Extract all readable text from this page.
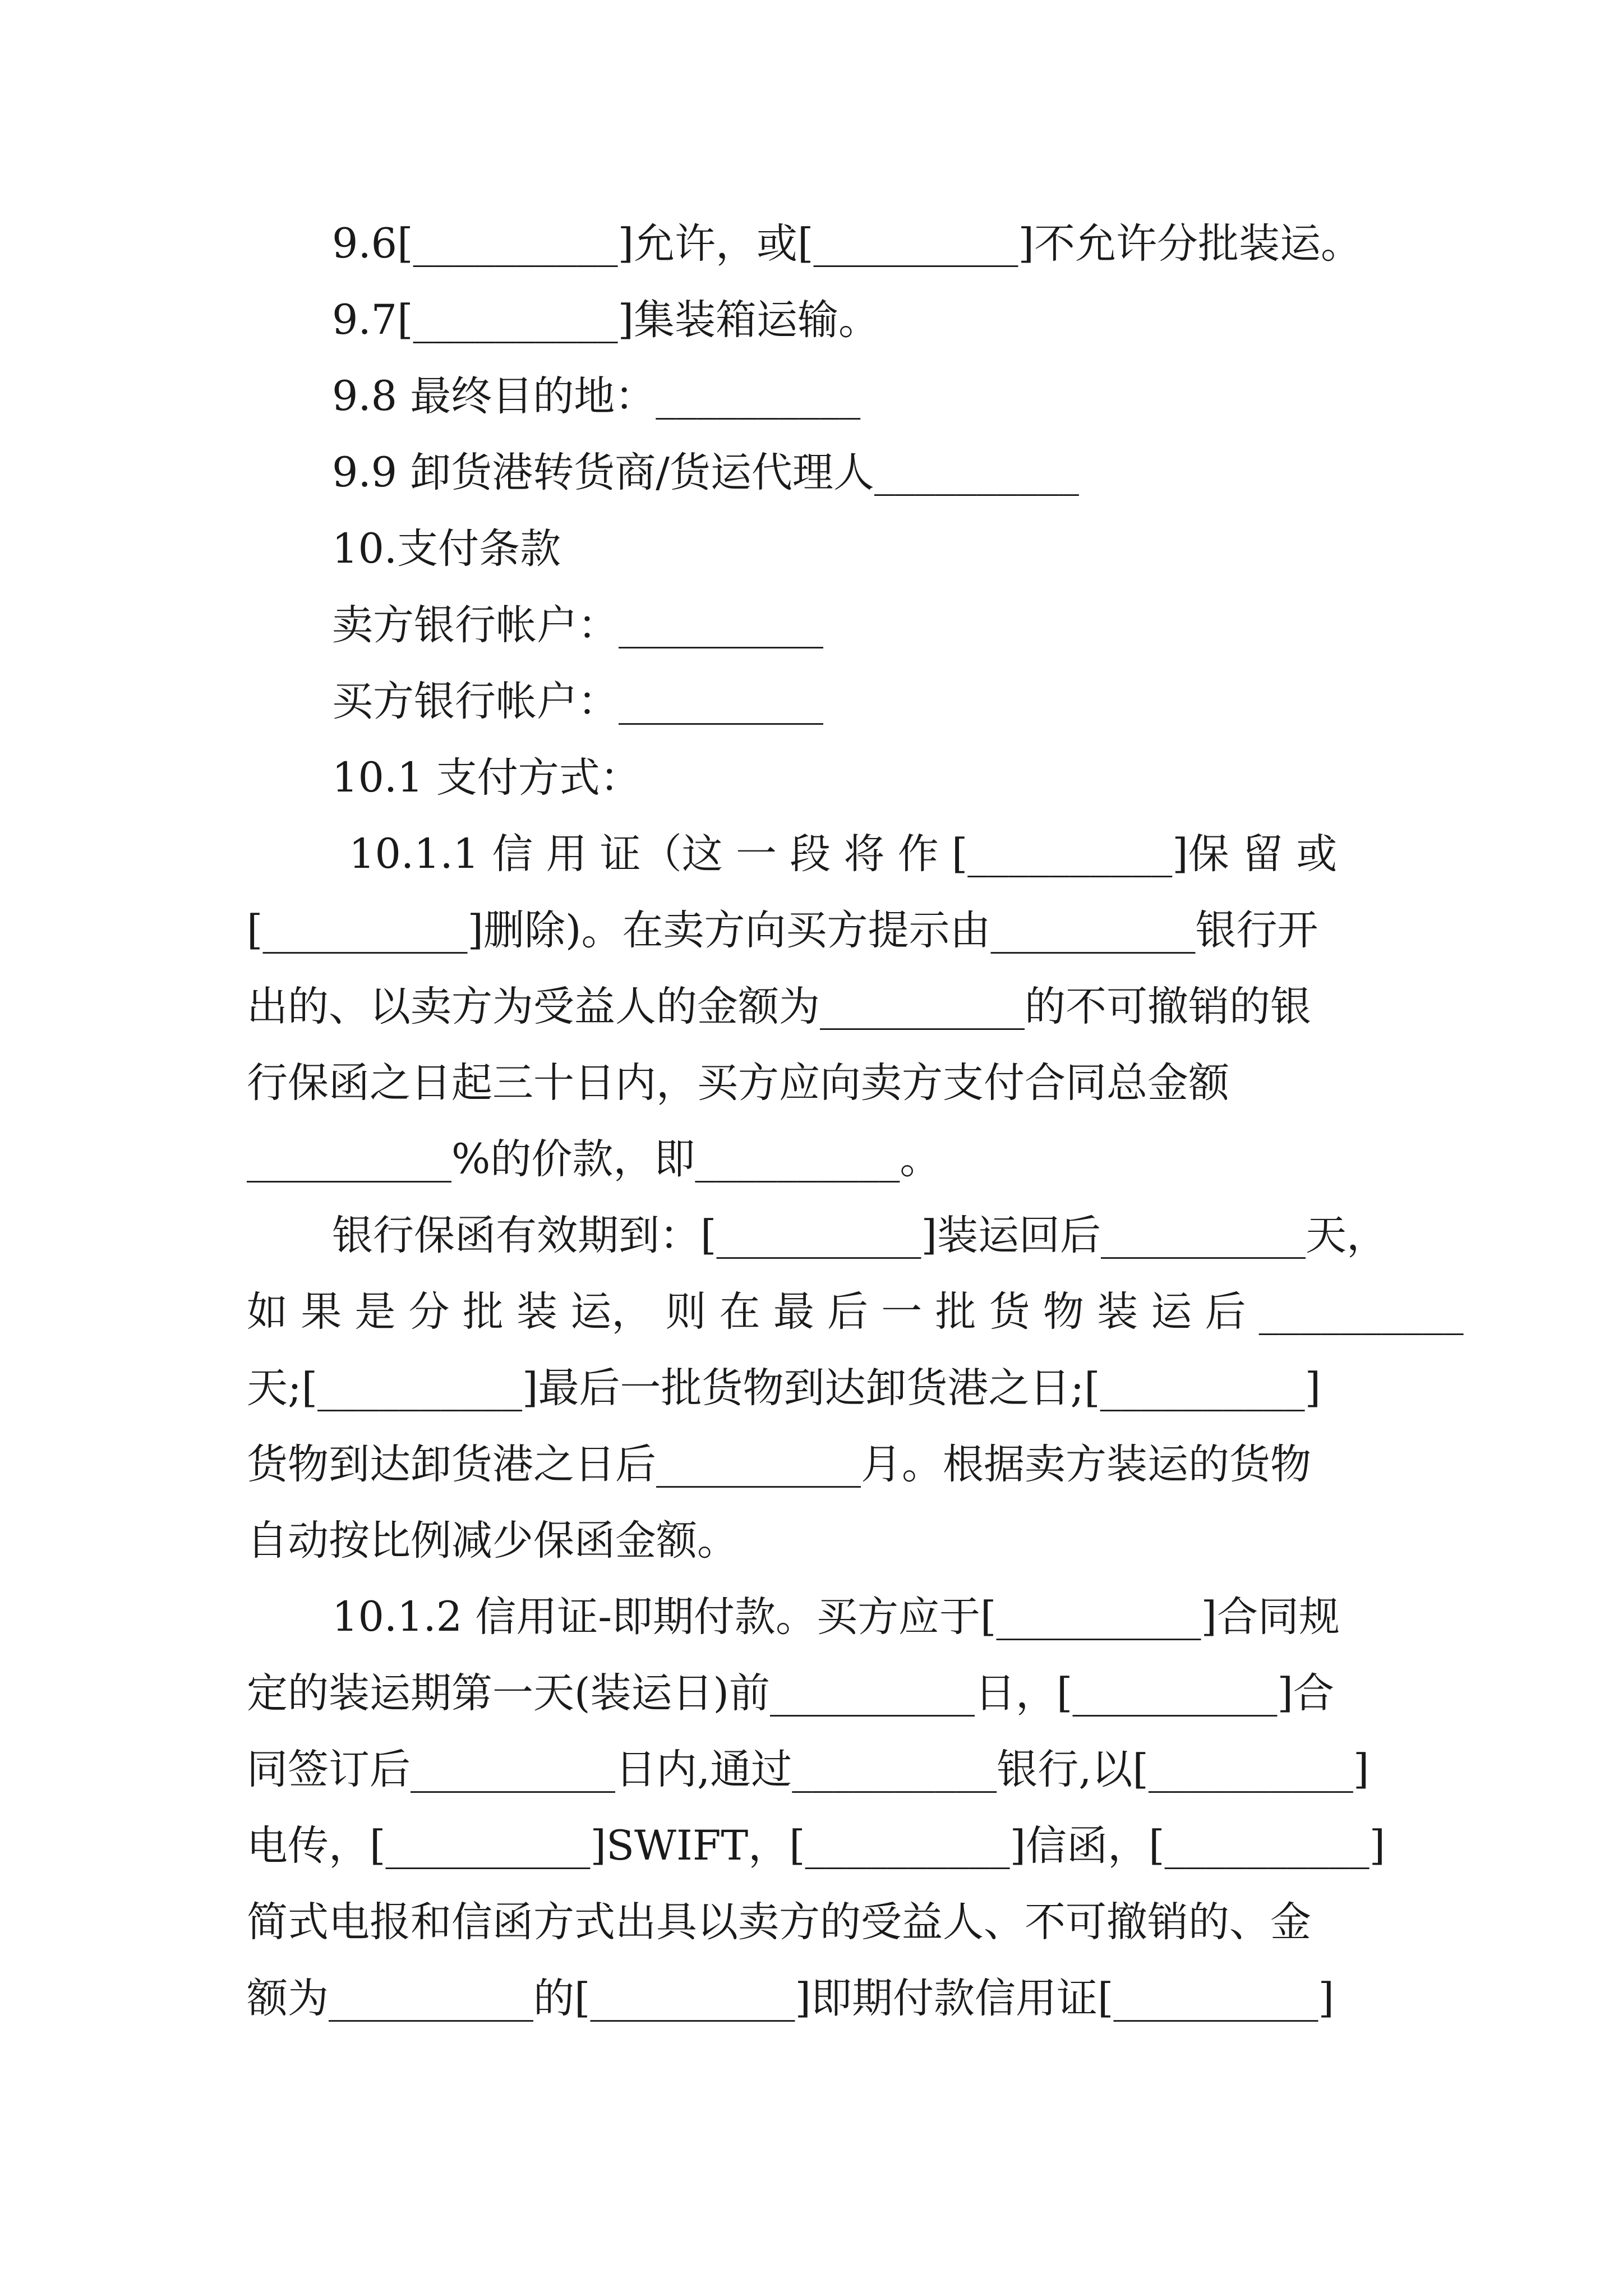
9.6[__________]允许，或[__________]不允许分批装运。
9.7[__________]集装箱运输。
9.8 最终目的地：__________
9.9 卸货港转货商/货运代理人__________
10.支付条款
卖方银行帐户：__________
买方银行帐户：__________
10.1 支付方式：
10.1.1 信 用 证（这 一 段 将 作 [__________]保 留 或
[__________]删除)。在卖方向买方提示由__________银行开
出的、以卖方为受益人的金额为__________的不可撤销的银
行保函之日起三十日内，买方应向卖方支付合同总金额
__________%的价款，即__________。
银行保函有效期到：[__________]装运回后__________天，
如 果 是 分 批 装 运， 则 在 最 后 一 批 货 物 装 运 后 __________
天;[__________]最后一批货物到达卸货港之日;[__________]
货物到达卸货港之日后__________月。根据卖方装运的货物
自动按比例减少保函金额。
10.1.2 信用证-即期付款。买方应于[__________]合同规
定的装运期第一天(装运日)前__________日，[__________]合
同签订后__________日内,通过__________银行,以[__________]
电传，[__________]SWIFT，[__________]信函，[__________]
简式电报和信函方式出具以卖方的受益人、不可撤销的、金
额为__________的[__________]即期付款信用证[__________]
